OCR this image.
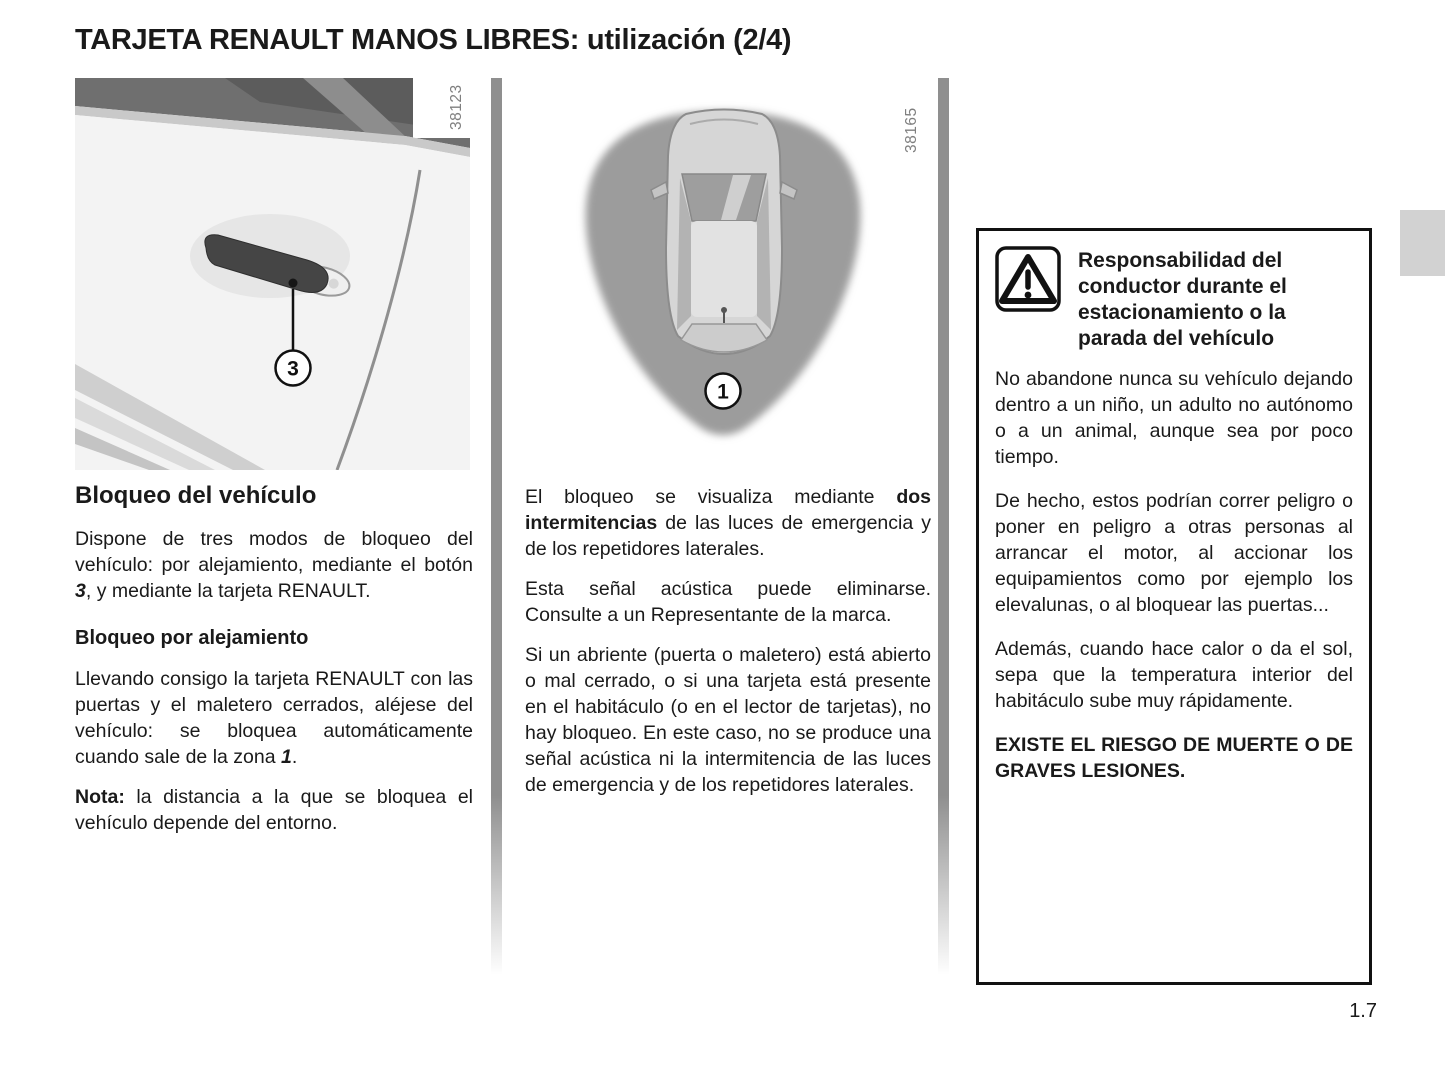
TARJETA RENAULT MANOS LIBRES: utilización (2/4)
3
38123
1
38165
Bloqueo del vehículo

Dispone de tres modos de bloqueo del vehículo: por alejamiento, mediante el botón 3, y mediante la tarjeta RENAULT.

Bloqueo por alejamiento

Llevando consigo la tarjeta RENAULT con las puertas y el maletero cerrados, aléjese del vehículo: se bloquea automáticamente cuando sale de la zona 1.

Nota: la distancia a la que se bloquea el vehículo depende del entorno.

El bloqueo se visualiza mediante dos intermitencias de las luces de emergencia y de los repetidores laterales.

Esta señal acústica puede eliminarse. Consulte a un Representante de la marca.

Si un abriente (puerta o maletero) está abierto o mal cerrado, o si una tarjeta está presente en el habitáculo (o en el lector de tarjetas), no hay bloqueo. En este caso, no se produce una señal acústica ni la intermitencia de las luces de emergencia y de los repetidores laterales.

Responsabilidad del conductor durante el estacionamiento o la parada del vehículo

No abandone nunca su vehículo dejando dentro a un niño, un adulto no autónomo o a un animal, aunque sea por poco tiempo.

De hecho, estos podrían correr peligro o poner en peligro a otras personas al arrancar el motor, al accionar los equipamientos como por ejemplo los elevalunas, o al bloquear las puertas...

Además, cuando hace calor o da el sol, sepa que la temperatura interior del habitáculo sube muy rápidamente.

EXISTE EL RIESGO DE MUERTE O DE GRAVES LESIONES.

1.7
